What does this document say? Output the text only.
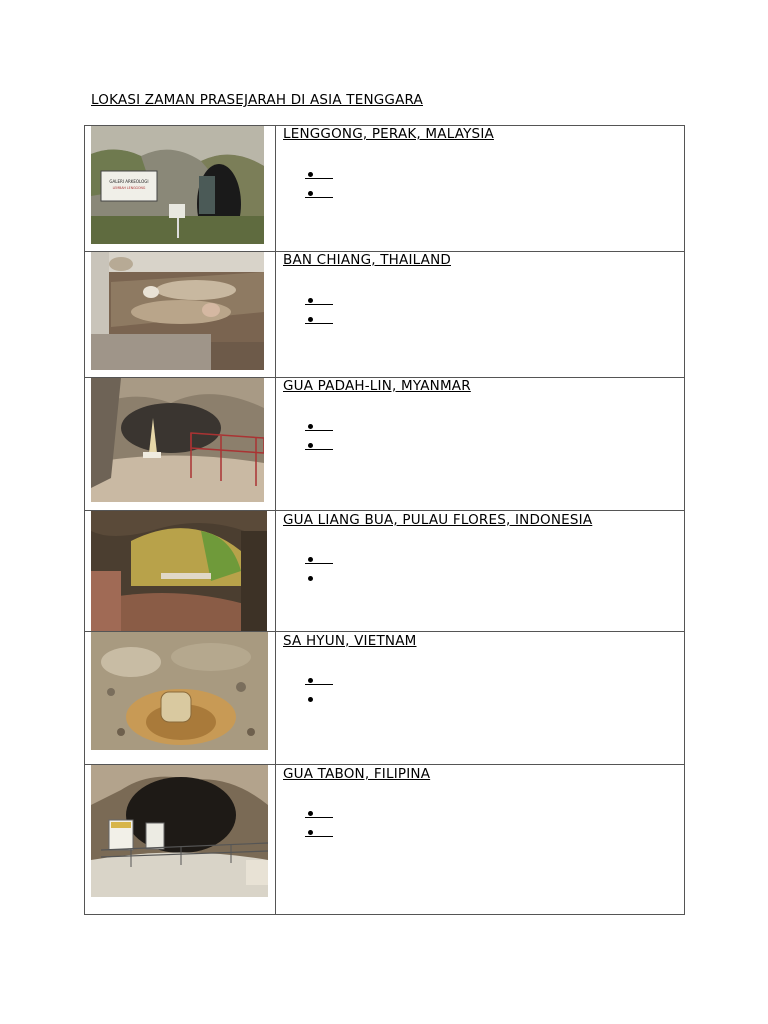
LOKASI ZAMAN PRASEJARAH DI ASIA TENGGARA
GALERI ARKEOLOGI
LEMBAH LENGGONG
LENGGONG, PERAK, MALAYSIA
BAN CHIANG, THAILAND
GUA PADAH-LIN, MYANMAR
GUA LIANG BUA, PULAU FLORES, INDONESIA
SA HYUN, VIETNAM
GUA TABON, FILIPINA
